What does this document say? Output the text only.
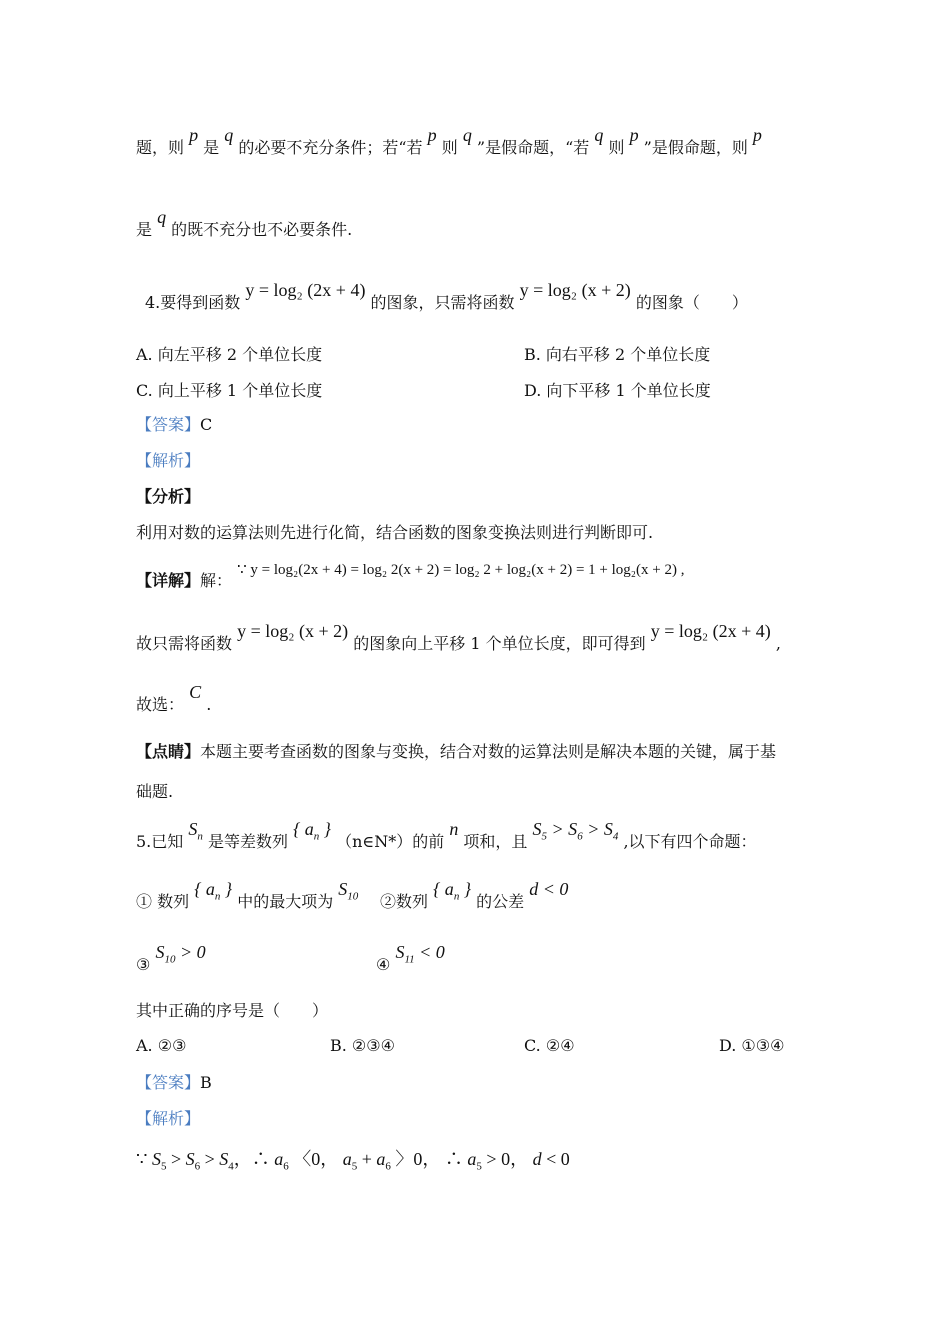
题，则 p 是 q 的必要不充分条件；若“若 p 则 q ”是假命题，“若 q 则 p ”是假命题，则 p
是 q 的既不充分也不必要条件.
4.要得到函数 y = log₂ (2x + 4) 的图象，只需将函数 y = log₂ (x + 2) 的图象（　　）
A. 向左平移 2 个单位长度	B. 向右平移 2 个单位长度
C. 向上平移 1 个单位长度	D. 向下平移 1 个单位长度
【答案】C
【解析】
【分析】
利用对数的运算法则先进行化简，结合函数的图象变换法则进行判断即可.
【详解】解： ∵ y = log₂(2x + 4) = log₂ 2(x + 2) = log₂ 2 + log₂(x + 2) = 1 + log₂(x + 2) ,
故只需将函数 y = log₂ (x + 2) 的图象向上平移 1 个单位长度，即可得到 y = log₂ (2x + 4) ,
故选： C .
【点睛】本题主要考查函数的图象与变换，结合对数的运算法则是解决本题的关键，属于基
础题.
5.已知 $S_n$ 是等差数列 { $a_n$ } （n∈N*）的前 n 项和，且 $S_5 > S_6 > S_4$ ,以下有四个命题：
① 数列 { $a_n$ } 中的最大项为 $S_{10}$ ②数列 { $a_n$ } 的公差 d < 0
③ $S_{10} > 0$
④ $S_{11} < 0$
其中正确的序号是（　　）
A. ②③	B. ②③④	C. ②④	D. ①③④
【答案】B
【解析】
∵ $S_5 > S_6 > S_4$，∴ $a_6$ 〈0， $a_5 + a_6$ 〉0， ∴ $a_5 > 0$， d < 0
